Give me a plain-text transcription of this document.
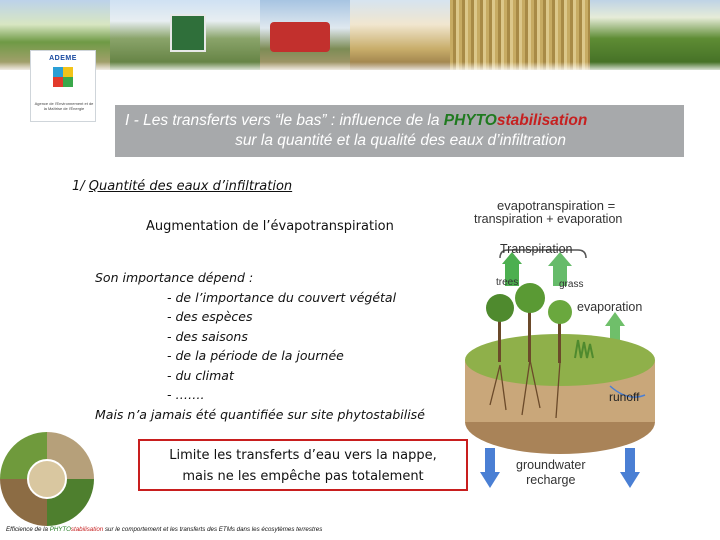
ADEME
Agence de l'Environnement et de la Maîtrise de l'Énergie
I - Les transferts vers “le bas” : influence de la PHYTOstabilisation
sur la quantité et la qualité des eaux d’infiltration
1/ Quantité des eaux d’infiltration
Augmentation de l’évapotranspiration
Son importance dépend :
- de l’importance du couvert végétal
- des espèces
- des saisons
- de la période de la journée
- du climat
- …….
Mais n’a jamais été quantifiée sur site phytostabilisé
Limite les transferts d’eau vers la nappe,
mais ne les empêche pas totalement
Efficience de la PHYTOstabilisation sur le comportement et les transferts des ETMs dans les écosytèmes terrestres
evapotranspiration =
transpiration + evaporation
Transpiration
trees	grass
evaporation
runoff
groundwater
recharge
